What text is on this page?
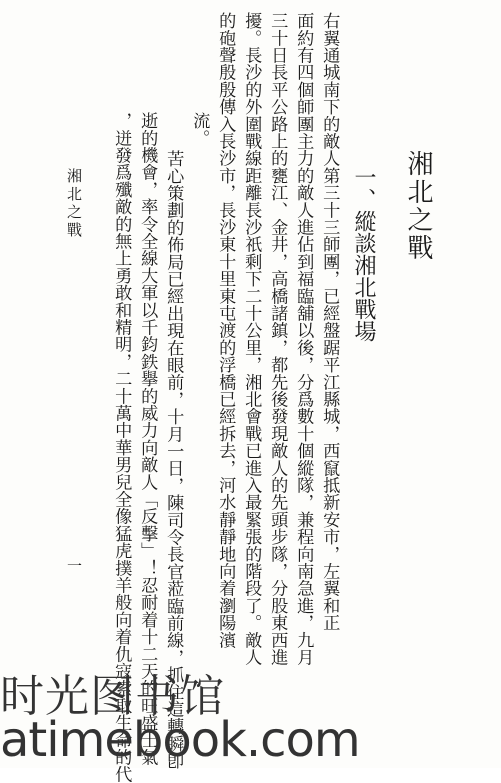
湘北之戰
一、縱談湘北戰場
右翼通城南下的敵人第三十三師團，已經盤踞平江縣城，西竄抵新安市，左翼和正
面約有四個師團主力的敵人進佔到福臨舖以後，分爲數十個縱隊，兼程向南急進，九月
三十日長平公路上的甕江、金井，高橋諸鎮，都先後發現敵人的先頭步隊，分股東西進
擾。長沙的外圍戰線距離長沙祇剩下二十公里，湘北會戰已進入最緊張的階段了。敵人
的砲聲殷殷傳入長沙市，長沙東十里東屯渡的浮橋已經拆去，河水靜靜地向着瀏陽濱
流。
苦心策劃的佈局已經出現在眼前，十月一日，陳司令長官蒞臨前線，抓住這轉瞬卽
逝的機會，率令全線大軍以千鈞鉄擧的威力向敵人「反擊」！忍耐着十二天的旺盛士氣
，迸發爲殲敵的無上勇敢和精明，二十萬中華男兒全像猛虎撲羊般向着仇寇索取生命的代
湘北之戰
一
时光图书馆
atimebook.com
